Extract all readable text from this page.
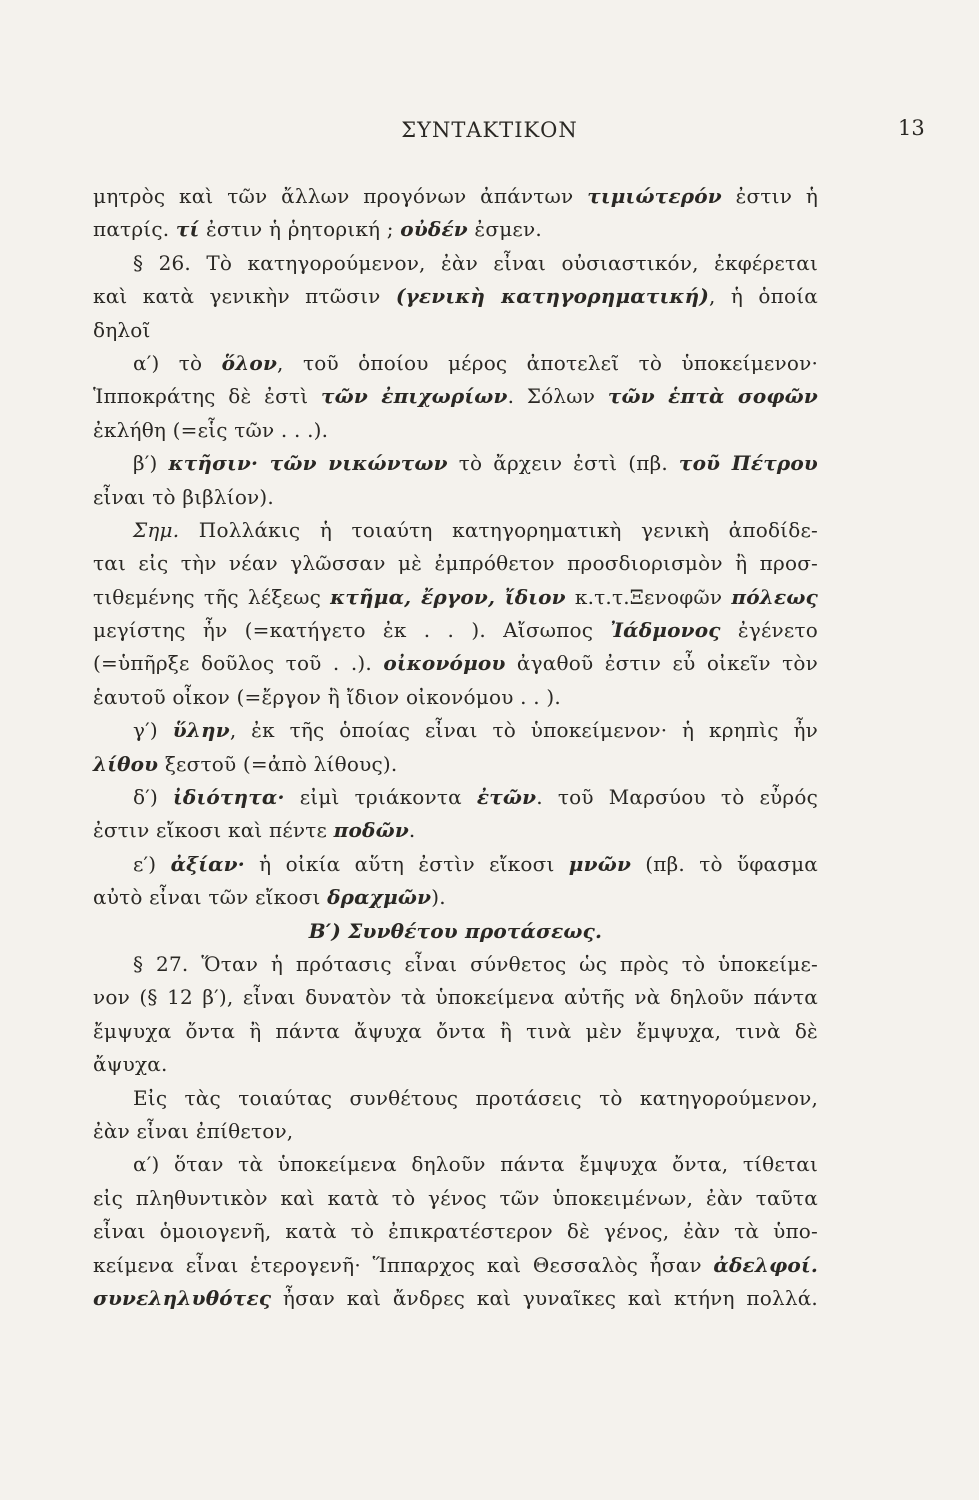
ΣΥΝΤΑΚΤΙΚΟΝ	13
μητρὸς καὶ τῶν ἄλλων προγόνων ἀπάντων τιμιώτερόν ἐστιν ἡ
πατρίς. τί ἐστιν ἡ ῥητορική ; οὐδέν ἐσμεν.
§ 26. Τὸ κατηγορούμενον, ἐὰν εἶναι οὐσιαστικόν, ἐκφέρεται
καὶ κατὰ γενικὴν πτῶσιν (γενικὴ κατηγορηματική), ἡ ὁποία
δηλοῖ
α′) τὸ ὅλον, τοῦ ὁποίου μέρος ἀποτελεῖ τὸ ὑποκείμενον·
Ἱπποκράτης δὲ ἐστὶ τῶν ἐπιχωρίων. Σόλων τῶν ἑπτὰ σοφῶν
ἐκλήθη (=εἷς τῶν . . .).
β′) κτῆσιν· τῶν νικώντων τὸ ἄρχειν ἐστὶ (πβ. τοῦ Πέτρου
εἶναι τὸ βιβλίον).
Σημ. Πολλάκις ἡ τοιαύτη κατηγορηματικὴ γενικὴ ἀποδίδε-
ται εἰς τὴν νέαν γλῶσσαν μὲ ἐμπρόθετον προσδιορισμὸν ἢ προσ-
τιθεμένης τῆς λέξεως κτῆμα, ἔργον, ἴδιον κ.τ.τ.Ξενοφῶν πόλεως
μεγίστης ἦν (=κατήγετο ἐκ . . ). Αἴσωπος Ἰάδμονος ἐγένετο
(=ὑπῆρξε δοῦλος τοῦ . .). οἰκονόμου ἀγαθοῦ ἐστιν εὖ οἰκεῖν τὸν
ἑαυτοῦ οἶκον (=ἔργον ἢ ἴδιον οἰκονόμου . . ).
γ′) ὕλην, ἐκ τῆς ὁποίας εἶναι τὸ ὑποκείμενον· ἡ κρηπὶς ἦν
λίθου ξεστοῦ (=ἀπὸ λίθους).
δ′) ἰδιότητα· εἰμὶ τριάκοντα ἐτῶν. τοῦ Μαρσύου τὸ εὖρός
ἐστιν εἴκοσι καὶ πέντε ποδῶν.
ε′) ἀξίαν· ἡ οἰκία αὕτη ἐστὶν εἴκοσι μνῶν (πβ. τὸ ὕφασμα
αὐτὸ εἶναι τῶν εἴκοσι δραχμῶν).
Β′) Συνθέτου προτάσεως.
§ 27. Ὅταν ἡ πρότασις εἶναι σύνθετος ὡς πρὸς τὸ ὑποκείμε-
νον (§ 12 β′), εἶναι δυνατὸν τὰ ὑποκείμενα αὐτῆς νὰ δηλοῦν πάντα
ἔμψυχα ὄντα ἢ πάντα ἄψυχα ὄντα ἢ τινὰ μὲν ἔμψυχα, τινὰ δὲ
ἄψυχα.
Εἰς τὰς τοιαύτας συνθέτους προτάσεις τὸ κατηγορούμενον,
ἐὰν εἶναι ἐπίθετον,
α′) ὅταν τὰ ὑποκείμενα δηλοῦν πάντα ἔμψυχα ὄντα, τίθεται
εἰς πληθυντικὸν καὶ κατὰ τὸ γένος τῶν ὑποκειμένων, ἐὰν ταῦτα
εἶναι ὁμοιογενῆ, κατὰ τὸ ἐπικρατέστερον δὲ γένος, ἐὰν τὰ ὑπο-
κείμενα εἶναι ἑτερογενῆ· Ἵππαρχος καὶ Θεσσαλὸς ἦσαν ἀδελφοί.
συνεληλυθότες ἦσαν καὶ ἄνδρες καὶ γυναῖκες καὶ κτήνη πολλά.
